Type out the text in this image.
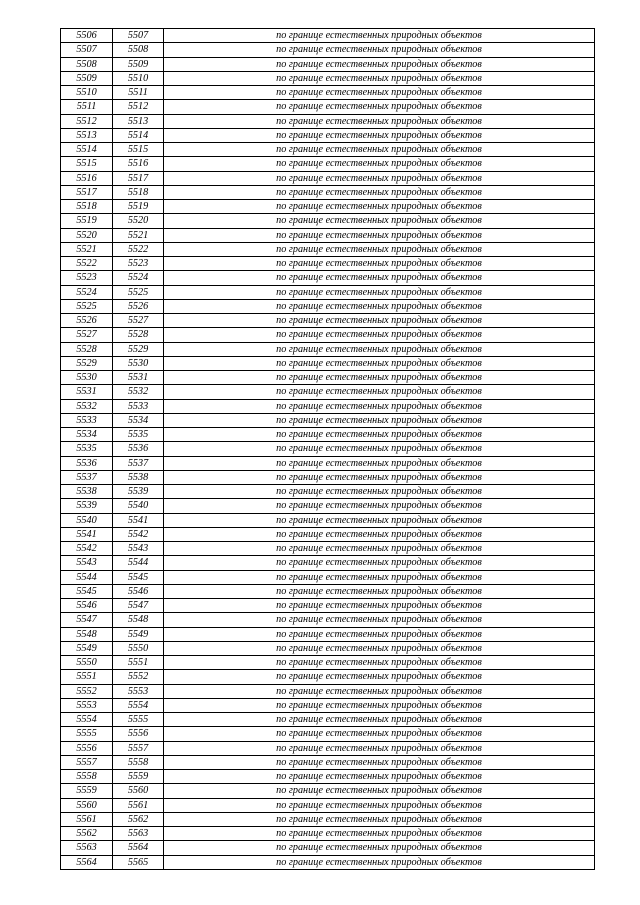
5506	5507	по границе естественных природных объектов
5507	5508	по границе естественных природных объектов
5508	5509	по границе естественных природных объектов
5509	5510	по границе естественных природных объектов
5510	5511	по границе естественных природных объектов
5511	5512	по границе естественных природных объектов
5512	5513	по границе естественных природных объектов
5513	5514	по границе естественных природных объектов
5514	5515	по границе естественных природных объектов
5515	5516	по границе естественных природных объектов
5516	5517	по границе естественных природных объектов
5517	5518	по границе естественных природных объектов
5518	5519	по границе естественных природных объектов
5519	5520	по границе естественных природных объектов
5520	5521	по границе естественных природных объектов
5521	5522	по границе естественных природных объектов
5522	5523	по границе естественных природных объектов
5523	5524	по границе естественных природных объектов
5524	5525	по границе естественных природных объектов
5525	5526	по границе естественных природных объектов
5526	5527	по границе естественных природных объектов
5527	5528	по границе естественных природных объектов
5528	5529	по границе естественных природных объектов
5529	5530	по границе естественных природных объектов
5530	5531	по границе естественных природных объектов
5531	5532	по границе естественных природных объектов
5532	5533	по границе естественных природных объектов
5533	5534	по границе естественных природных объектов
5534	5535	по границе естественных природных объектов
5535	5536	по границе естественных природных объектов
5536	5537	по границе естественных природных объектов
5537	5538	по границе естественных природных объектов
5538	5539	по границе естественных природных объектов
5539	5540	по границе естественных природных объектов
5540	5541	по границе естественных природных объектов
5541	5542	по границе естественных природных объектов
5542	5543	по границе естественных природных объектов
5543	5544	по границе естественных природных объектов
5544	5545	по границе естественных природных объектов
5545	5546	по границе естественных природных объектов
5546	5547	по границе естественных природных объектов
5547	5548	по границе естественных природных объектов
5548	5549	по границе естественных природных объектов
5549	5550	по границе естественных природных объектов
5550	5551	по границе естественных природных объектов
5551	5552	по границе естественных природных объектов
5552	5553	по границе естественных природных объектов
5553	5554	по границе естественных природных объектов
5554	5555	по границе естественных природных объектов
5555	5556	по границе естественных природных объектов
5556	5557	по границе естественных природных объектов
5557	5558	по границе естественных природных объектов
5558	5559	по границе естественных природных объектов
5559	5560	по границе естественных природных объектов
5560	5561	по границе естественных природных объектов
5561	5562	по границе естественных природных объектов
5562	5563	по границе естественных природных объектов
5563	5564	по границе естественных природных объектов
5564	5565	по границе естественных природных объектов
